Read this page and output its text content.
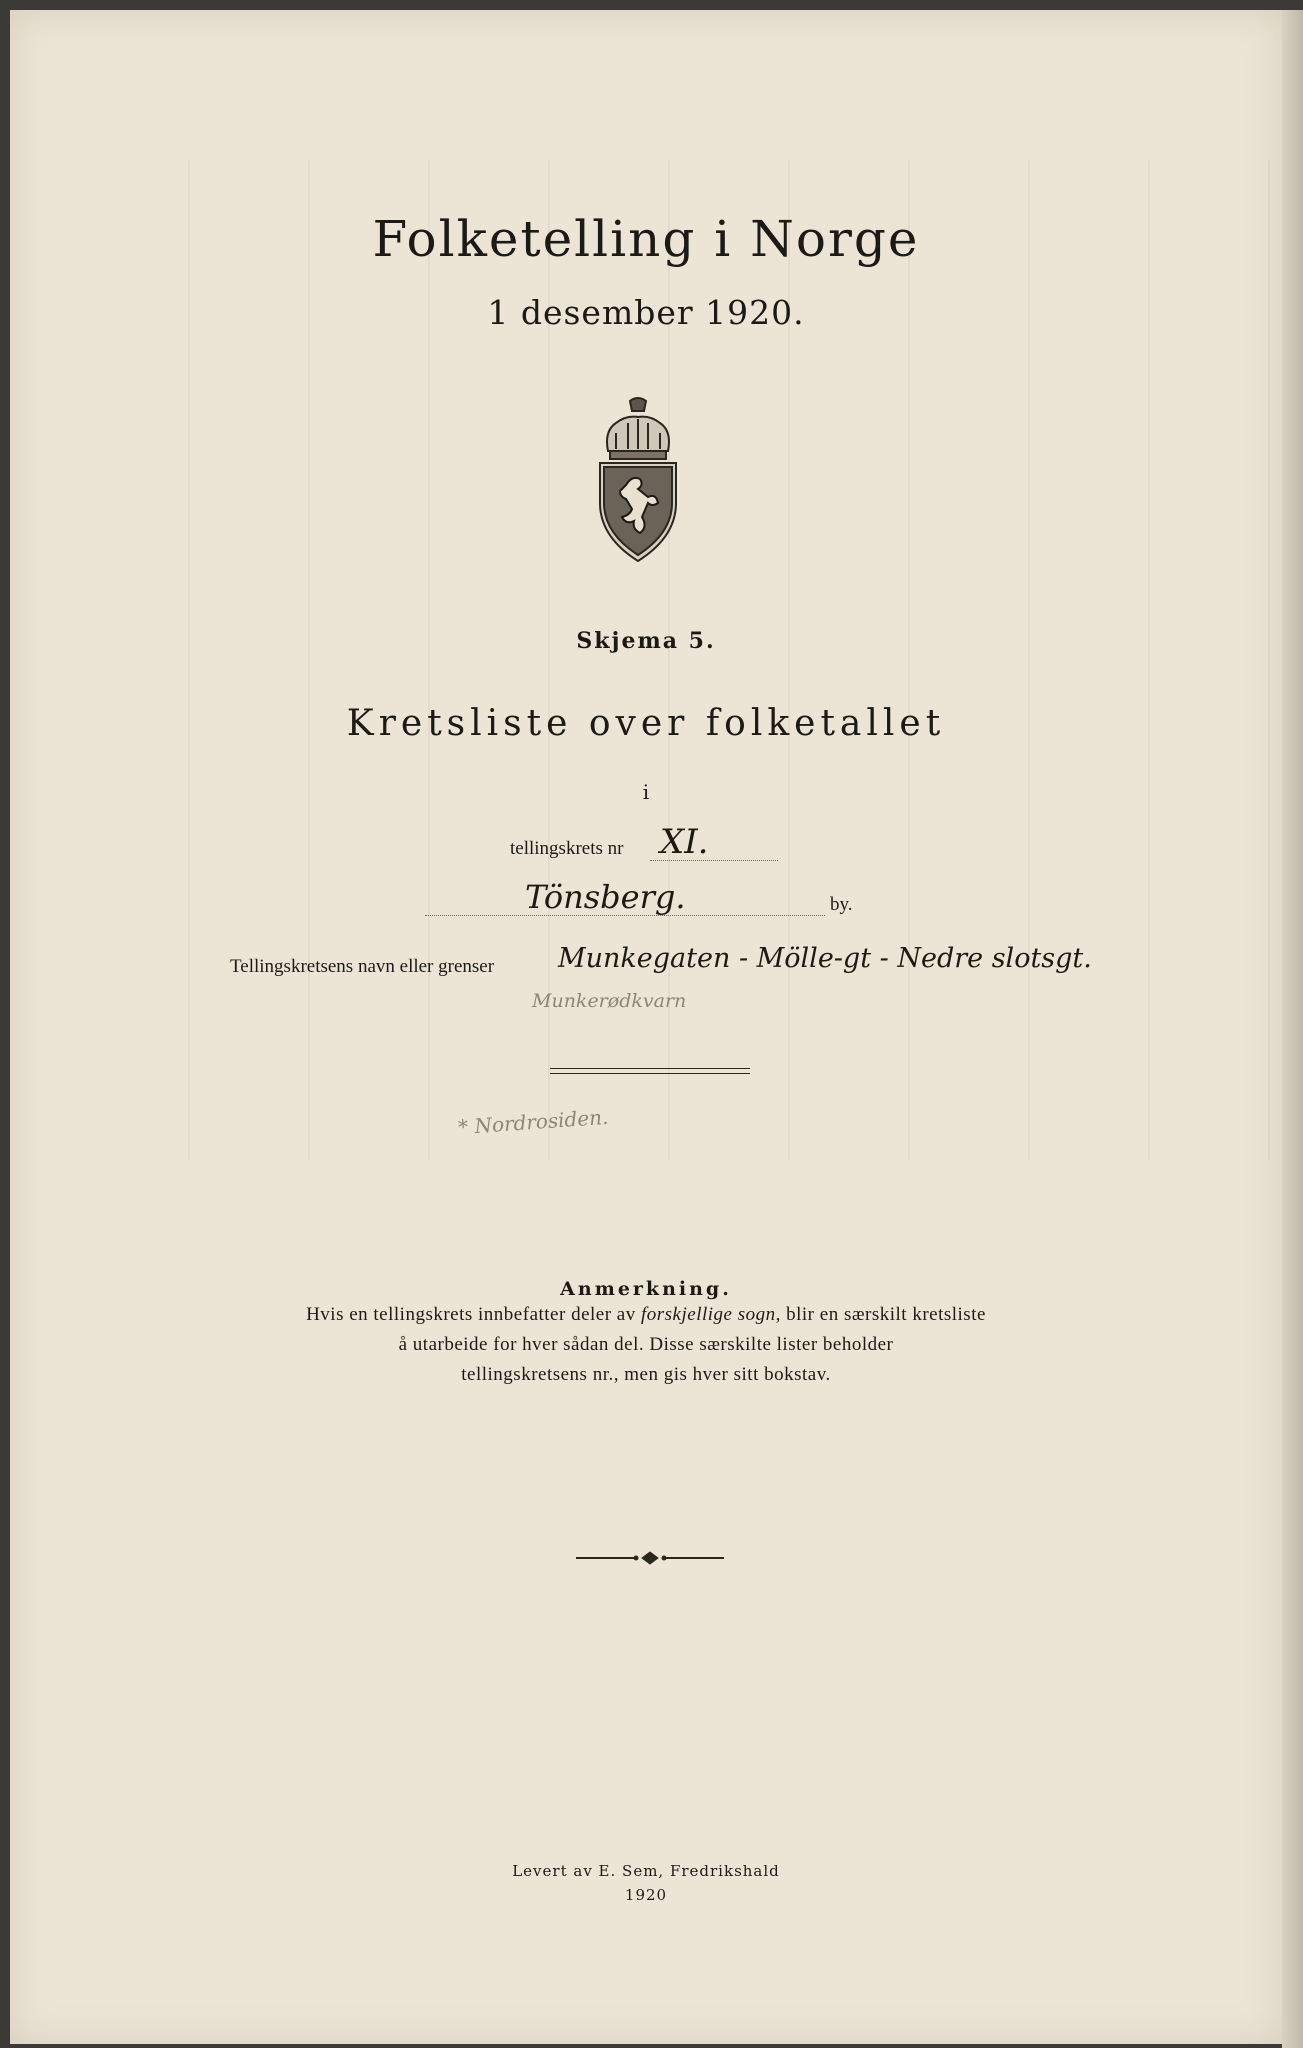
Folketelling i Norge
1 desember 1920.
Skjema 5.
Kretsliste over folketallet
i
tellingskrets nr XI.
Tönsberg.	by.
Tellingskretsens navn eller grenser Munkegaten - Mölle-gt - Nedre slotsgt.
Munkerødkvarn
* Nordrosiden.
Anmerkning.
Hvis en tellingskrets innbefatter deler av forskjellige sogn, blir en særskilt kretsliste
å utarbeide for hver sådan del. Disse særskilte lister beholder
tellingskretsens nr., men gis hver sitt bokstav.
Levert av E. Sem, Fredrikshald
1920
